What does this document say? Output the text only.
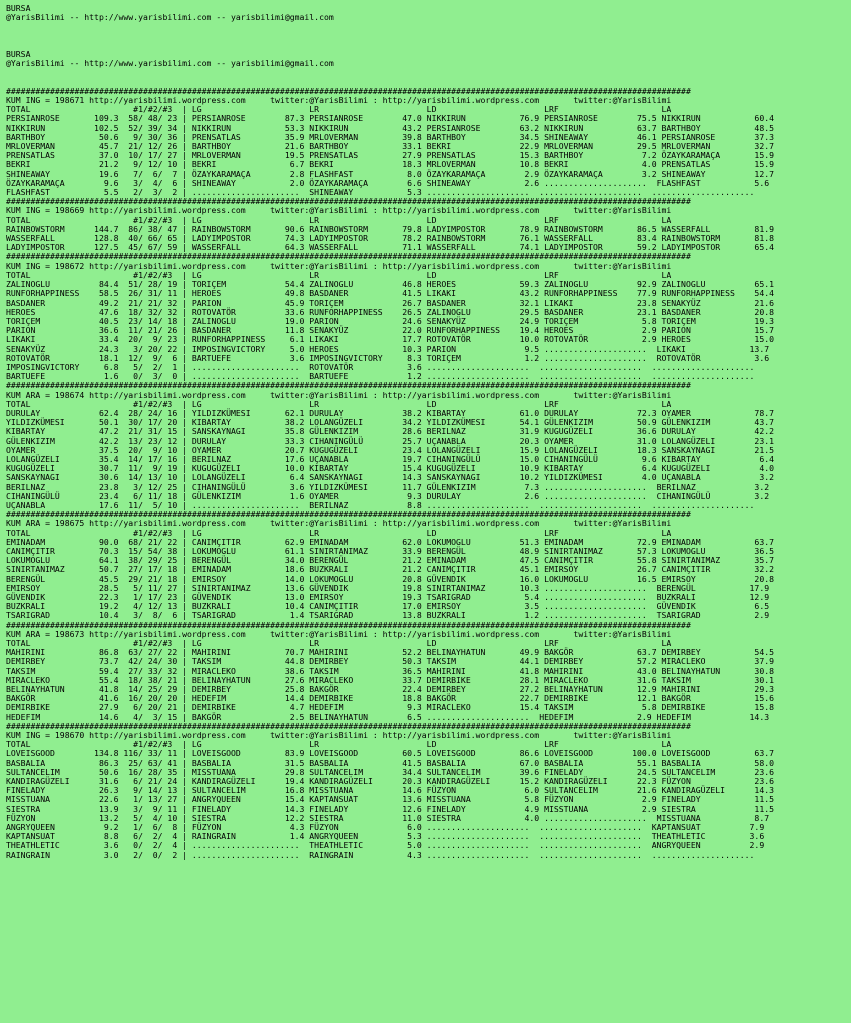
BURSA
@YarisBilimi -- http://www.yarisbilimi.com -- yarisbilimi@gmail.com

BURSA
@YarisBilimi -- http://www.yarisbilimi.com -- yarisbilimi@gmail.com

############################################################################################################################################
KUM ING = 198671 http://yarisbilimi.wordpress.com     twitter:@YarisBilimi : http://yarisbilimi.wordpress.com       twitter:@YarisBilimi
TOTAL                     #1/#2/#3  | LG                      LR                      LD                      LRF                     LA
PERSIANROSE       109.3  58/ 48/ 23 | PERSIANROSE        87.3 PERSIANROSE        47.0 NIKKIRUN           76.9 PERSIANROSE        75.5 NIKKIRUN           60.4
NIKKIRUN          102.5  52/ 39/ 34 | NIKKIRUN           53.3 NIKKIRUN           43.2 PERSIANROSE        63.2 NIKKIRUN           63.7 BARTHBOY           48.5
BARTHBOY           50.6   9/ 30/ 36 | PRENSATLAS         35.9 MRLOVERMAN         39.8 BARTHBOY           34.5 SHINEAWAY          46.1 PERSIANROSE        37.3
MRLOVERMAN         45.7  21/ 12/ 26 | BARTHBOY           21.6 BARTHBOY           33.1 BEKRI              22.9 MRLOVERMAN         29.5 MRLOVERMAN         32.7
PRENSATLAS         37.0  10/ 17/ 27 | MRLOVERMAN         19.5 PRENSATLAS         27.9 PRENSATLAS         15.3 BARTHBOY            7.2 ÖZAYKARAMAÇA       15.9
BEKRI              21.2   9/ 12/ 10 | BEKRI               6.7 BEKRI              18.3 MRLOVERMAN         10.8 BEKRI               4.0 PRENSATLAS         15.9
SHINEAWAY          19.6   7/  6/  7 | ÖZAYKARAMAÇA        2.8 FLASHFAST           8.0 ÖZAYKARAMAÇA        2.9 ÖZAYKARAMAÇA        3.2 SHINEAWAY          12.7
ÖZAYKARAMAÇA        9.6   3/  4/  6 | SHINEAWAY           2.0 ÖZAYKARAMAÇA        6.6 SHINEAWAY           2.6 .....................  FLASHFAST           5.6
FLASHFAST           5.5   2/  3/  2 | ......................  SHINEAWAY           5.3 .....................  .....................  .....................
############################################################################################################################################
KUM ING = 198669 http://yarisbilimi.wordpress.com     twitter:@YarisBilimi : http://yarisbilimi.wordpress.com       twitter:@YarisBilimi
TOTAL                     #1/#2/#3  | LG                      LR                      LD                      LRF                     LA
RAINBOWSTORM      144.7  86/ 38/ 47 | RAINBOWSTORM       90.6 RAINBOWSTORM       79.8 LADYIMPOSTOR       78.9 RAINBOWSTORM       86.5 WASSERFALL         81.9
WASSERFALL        128.8  40/ 66/ 65 | LADYIMPOSTOR       74.3 LADYIMPOSTOR       78.2 RAINBOWSTORM       76.1 WASSERFALL         83.4 RAINBOWSTORM       81.8
LADYIMPOSTOR      127.5  45/ 67/ 59 | WASSERFALL         64.3 WASSERFALL         71.1 WASSERFALL         74.1 LADYIMPOSTOR       59.2 LADYIMPOSTOR       65.4
############################################################################################################################################
KUM ING = 198672 http://yarisbilimi.wordpress.com     twitter:@YarisBilimi : http://yarisbilimi.wordpress.com       twitter:@YarisBilimi
TOTAL                     #1/#2/#3  | LG                      LR                      LD                      LRF                     LA
ZALINOGLU          84.4  51/ 28/ 19 | TORIÇEM            54.4 ZALINOGLU          46.8 HEROES             59.3 ZALINOGLU          92.9 ZALINOGLU          65.1
RUNFORHAPPINESS    58.5  26/ 31/ 11 | HEROES             49.8 BASDANER           41.5 LIKAKI             43.2 RUNFORHAPPINESS    77.9 RUNFORHAPPINESS    54.4
BASDANER           49.2  21/ 21/ 32 | PARION             45.9 TORIÇEM            26.7 BASDANER           32.1 LIKAKI             23.8 SENAKYÜZ           21.6
HEROES             47.6  18/ 32/ 32 | ROTOVATÖR          33.6 RUNFORHAPPINESS    26.5 ZALINOGLU          29.5 BASDANER           23.1 BASDANER           20.8
TORIÇEM            40.5  23/ 14/ 18 | ZALINOGLU          19.0 PARION             24.6 SENAKYÜZ           24.9 TORIÇEM             5.8 TORIÇEM            19.3
PARION             36.6  11/ 21/ 26 | BASDANER           11.8 SENAKYÜZ           22.0 RUNFORHAPPINESS    19.4 HEROES              2.9 PARION             15.7
LIKAKI             33.4  20/  9/ 23 | RUNFORHAPPINESS     6.1 LIKAKI             17.7 ROTOVATÖR          10.0 ROTOVATÖR           2.9 HEROES             15.0
SENAKYÜZ           24.3   3/ 20/ 22 | IMPOSINGVICTORY     5.0 HEROES             10.3 PARION              9.5 .....................  LIKAKI             13.7
ROTOVATÖR          18.1  12/  9/  6 | BARTUEFE            3.6 IMPOSINGVICTORY     8.3 TORIÇEM             1.2 .....................  ROTOVATÖR           3.6
IMPOSINGVICTORY     6.8   5/  2/  1 | ......................  ROTOVATÖR           3.6 .....................  .....................  .....................
BARTUEFE            1.6   0/  3/  0 | ......................  BARTUEFE            1.2 .....................  .....................  .....................
############################################################################################################################################
KUM ARA = 198674 http://yarisbilimi.wordpress.com     twitter:@YarisBilimi : http://yarisbilimi.wordpress.com       twitter:@YarisBilimi
TOTAL                     #1/#2/#3  | LG                      LR                      LD                      LRF                     LA
DURULAY            62.4  28/ 24/ 16 | YILDIZKÜMESI       62.1 DURULAY            38.2 KIBARTAY           61.0 DURULAY            72.3 OYAMER             78.7
YILDIZKÜMESI       50.1  30/ 17/ 20 | KIBARTAY           38.2 LOLANGÜZELI        34.2 YILDIZKÜMESI       54.1 GÜLENKIZIM         50.9 GÜLENKIZIM         43.7
KIBARTAY           47.2  21/ 31/ 15 | SANSKAYNAGI        35.8 GÜLENKIZIM         28.6 BERILNAZ           31.9 KUGUGÜZELI         36.6 DURULAY            42.2
GÜLENKIZIM         42.2  13/ 23/ 12 | DURULAY            33.3 CIHANINGÜLÜ        25.7 UÇANABLA           20.3 OYAMER             31.0 LOLANGÜZELI        23.1
OYAMER             37.5  20/  9/ 10 | OYAMER             20.7 KUGUGÜZELI         23.4 LOLANGÜZELI        15.9 LOLANGÜZELI        18.3 SANSKAYNAGI        21.5
LOLANGÜZELI        35.4  14/ 17/ 16 | BERILNAZ           17.6 UÇANABLA           19.7 CIHANINGÜLÜ        15.0 CIHANINGÜLÜ         9.6 KIBARTAY            6.4
KUGUGÜZELI         30.7  11/  9/ 19 | KUGUGÜZELI         10.0 KIBARTAY           15.4 KUGUGÜZELI         10.9 KIBARTAY            6.4 KUGUGÜZELI          4.0
SANSKAYNAGI        30.6  14/ 13/ 10 | LOLANGÜZELI         6.4 SANSKAYNAGI        14.3 SANSKAYNAGI        10.2 YILDIZKÜMESI        4.0 UÇANABLA            3.2
BERILNAZ           23.8   3/ 12/ 25 | CIHANINGÜLÜ         3.6 YILDIZKÜMESI       11.7 GÜLENKIZIM          7.3 .....................  BERILNAZ            3.2
CIHANINGÜLÜ        23.4   6/ 11/ 18 | GÜLENKIZIM          1.6 OYAMER              9.3 DURULAY             2.6 .....................  CIHANINGÜLÜ         3.2
UÇANABLA           17.6  11/  5/ 10 | ......................  BERILNAZ            8.8 .....................  .....................  .....................
############################################################################################################################################
KUM ARA = 198675 http://yarisbilimi.wordpress.com     twitter:@YarisBilimi : http://yarisbilimi.wordpress.com       twitter:@YarisBilimi
TOTAL                     #1/#2/#3  | LG                      LR                      LD                      LRF                     LA
EMINADAM           90.0  68/ 21/ 22 | CANIMÇITIR         62.9 EMINADAM           62.0 LOKUMOGLU          51.3 EMINADAM           72.9 EMINADAM           63.7
CANIMÇITIR         70.3  15/ 54/ 38 | LOKUMOGLU          61.1 SINIRTANIMAZ       33.9 BERENGÜL           48.9 SINIRTANIMAZ       57.3 LOKUMOGLU          36.5
LOKUMOGLU          64.1  38/ 29/ 25 | BERENGÜL           34.0 BERENGÜL           21.2 EMINADAM           47.5 CANIMÇITIR         55.8 SINIRTANIMAZ       35.7
SINIRTANIMAZ       50.7  27/ 17/ 18 | EMINADAM           18.6 BUZKRALI           21.2 CANIMÇITIR         45.1 EMIRSOY            26.7 CANIMÇITIR         32.2
BERENGÜL           45.5  29/ 21/ 18 | EMIRSOY            14.0 LOKUMOGLU          20.8 GÜVENDIK           16.0 LOKUMOGLU          16.5 EMIRSOY            20.8
EMIRSOY            28.5   5/ 11/ 27 | SINIRTANIMAZ       13.6 GÜVENDIK           19.8 SINIRTANIMAZ       10.3 .....................  BERENGÜL           17.9
GÜVENDIK           22.3   1/ 17/ 23 | GÜVENDIK           13.0 EMIRSOY            19.3 TSARIGRAD           5.4 .....................  BUZKRALI           12.9
BUZKRALI           19.2   4/ 12/ 13 | BUZKRALI           10.4 CANIMÇITIR         17.0 EMIRSOY             3.5 .....................  GÜVENDIK            6.5
TSARIGRAD          10.4   3/  8/  6 | TSARIGRAD           1.4 TSARIGRAD          13.8 BUZKRALI            1.2 .....................  TSARIGRAD           2.9
############################################################################################################################################
KUM ARA = 198673 http://yarisbilimi.wordpress.com     twitter:@YarisBilimi : http://yarisbilimi.wordpress.com       twitter:@YarisBilimi
TOTAL                     #1/#2/#3  | LG                      LR                      LD                      LRF                     LA
MAHIRINI           86.8  63/ 27/ 22 | MAHIRINI           70.7 MAHIRINI           52.2 BELINAYHATUN       49.9 BAKGÖR             63.7 DEMIRBEY           54.5
DEMIRBEY           73.7  42/ 24/ 30 | TAKSIM             44.8 DEMIRBEY           50.3 TAKSIM             44.1 DEMIRBEY           57.2 MIRACLEKO          37.9
TAKSIM             59.4  27/ 33/ 32 | MIRACLEKO          38.6 TAKSIM             36.5 MAHIRINI           41.8 MAHIRINI           43.0 BELINAYHATUN       30.8
MIRACLEKO          55.4  18/ 38/ 21 | BELINAYHATUN       27.6 MIRACLEKO          33.7 DEMIRBIKE          28.1 MIRACLEKO          31.6 TAKSIM             30.1
BELINAYHATUN       41.8  14/ 25/ 29 | DEMIRBEY           25.8 BAKGÖR             22.4 DEMIRBEY           27.2 BELINAYHATUN       12.9 MAHIRINI           29.3
BAKGÖR             41.6  16/ 20/ 20 | HEDEFIM            14.4 DEMIRBIKE          18.8 BAKGÖR             22.7 DEMIRBIKE          12.1 BAKGÖR             15.6
DEMIRBIKE          27.9   6/ 20/ 21 | DEMIRBIKE           4.7 HEDEFIM             9.3 MIRACLEKO          15.4 TAKSIM              5.8 DEMIRBIKE          15.8
HEDEFIM            14.6   4/  3/ 15 | BAKGÖR              2.5 BELINAYHATUN        6.5 .....................  HEDEFIM             2.9 HEDEFIM            14.3
############################################################################################################################################
KUM ING = 198670 http://yarisbilimi.wordpress.com     twitter:@YarisBilimi : http://yarisbilimi.wordpress.com       twitter:@YarisBilimi
TOTAL                     #1/#2/#3  | LG                      LR                      LD                      LRF                     LA
LOVEISGOOD        134.8 116/ 33/ 11 | LOVEISGOOD         83.9 LOVEISGOOD         60.5 LOVEISGOOD         86.6 LOVEISGOOD        100.0 LOVEISGOOD         63.7
BASBALIA           86.3  25/ 63/ 41 | BASBALIA           31.5 BASBALIA           41.5 BASBALIA           67.0 BASBALIA           55.1 BASBALIA           58.0
SULTANCELIM        50.6  16/ 28/ 35 | MISSTUANA          29.8 SULTANCELIM        34.4 SULTANCELIM        39.6 FINELADY           24.5 SULTANCELIM        23.6
KANDIRAGÜZELI      31.6   6/ 21/ 24 | KANDIRAGÜZELI      19.4 KANDIRAGÜZELI      20.3 KANDIRAGÜZELI      15.2 KANDIRAGÜZELI      22.3 FÜZYON             23.6
FINELADY           26.3   9/ 14/ 13 | SULTANCELIM        16.8 MISSTUANA          14.6 FÜZYON              6.0 SULTANCELIM        21.6 KANDIRAGÜZELI      14.3
MISSTUANA          22.6   1/ 13/ 27 | ANGRYQUEEN         15.4 KAPTANSUAT         13.6 MISSTUANA           5.8 FÜZYON              2.9 FINELADY           11.5
SIESTRA            13.9   3/  9/ 11 | FINELADY           14.3 FINELADY           12.6 FINELADY            4.9 MISSTUANA           2.9 SIESTRA            11.5
FÜZYON             13.2   5/  4/ 10 | SIESTRA            12.2 SIESTRA            11.0 SIESTRA             4.0 .....................  MISSTUANA           8.7
ANGRYQUEEN          9.2   1/  6/  8 | FÜZYON              4.3 FÜZYON              6.0 .....................  .....................  KAPTANSUAT          7.9
KAPTANSUAT          8.8   6/  2/  4 | RAINGRAIN           1.4 ANGRYQUEEN          5.3 .....................  .....................  THEATHLETIC         3.6
THEATHLETIC         3.6   0/  2/  4 | ......................  THEATHLETIC         5.0 .....................  .....................  ANGRYQUEEN          2.9
RAINGRAIN           3.0   2/  0/  2 | ......................  RAINGRAIN           4.3 .....................  .....................  .....................
